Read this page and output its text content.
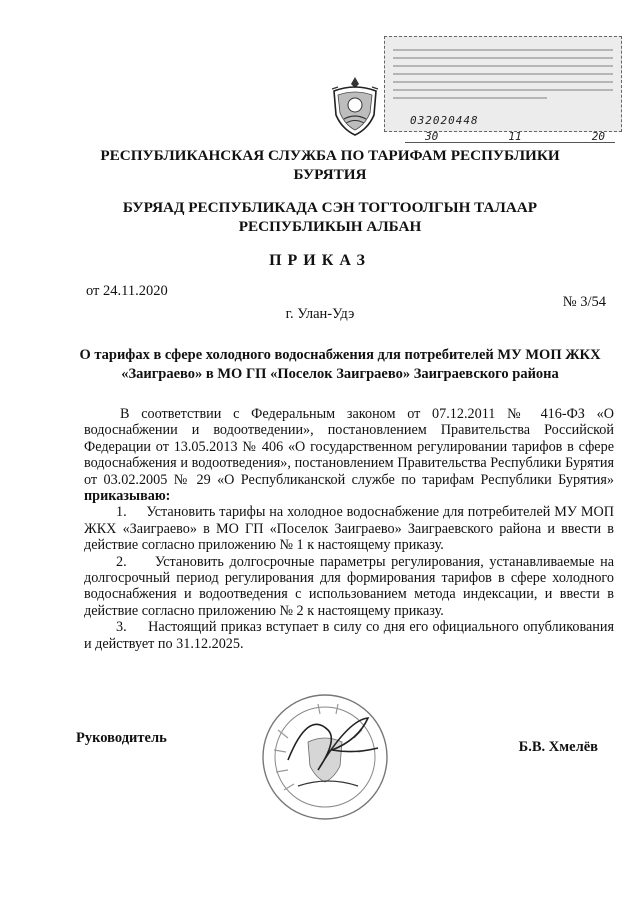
032020448
30	11	20
РЕСПУБЛИКАНСКАЯ СЛУЖБА ПО ТАРИФАМ РЕСПУБЛИКИ БУРЯТИЯ
БУРЯАД РЕСПУБЛИКАДА СЭН ТОГТООЛГЫН ТАЛААР РЕСПУБЛИКЫН АЛБАН
ПРИКАЗ
от 24.11.2020
№ 3/54
г. Улан-Удэ
О тарифах в сфере холодного водоснабжения для потребителей МУ МОП ЖКХ «Заиграево» в МО ГП «Поселок Заиграево» Заиграевского района

В соответствии с Федеральным законом от 07.12.2011 № 416-ФЗ «О водоснабжении и водоотведении», постановлением Правительства Российской Федерации от 13.05.2013 № 406 «О государственном регулировании тарифов в сфере водоснабжения и водоотведения», постановлением Правительства Республики Бурятия от 03.02.2005 № 29 «О Республиканской службе по тарифам Республики Бурятия» приказываю:

1. Установить тарифы на холодное водоснабжение для потребителей МУ МОП ЖКХ «Заиграево» в МО ГП «Поселок Заиграево» Заиграевского района и ввести в действие согласно приложению № 1 к настоящему приказу.

2. Установить долгосрочные параметры регулирования, устанавливаемые на долгосрочный период регулирования для формирования тарифов в сфере холодного водоснабжения и водоотведения с использованием метода индексации, и ввести в действие согласно приложению № 2 к настоящему приказу.

3. Настоящий приказ вступает в силу со дня его официального опубликования и действует по 31.12.2025.

Руководитель
Б.В. Хмелёв
